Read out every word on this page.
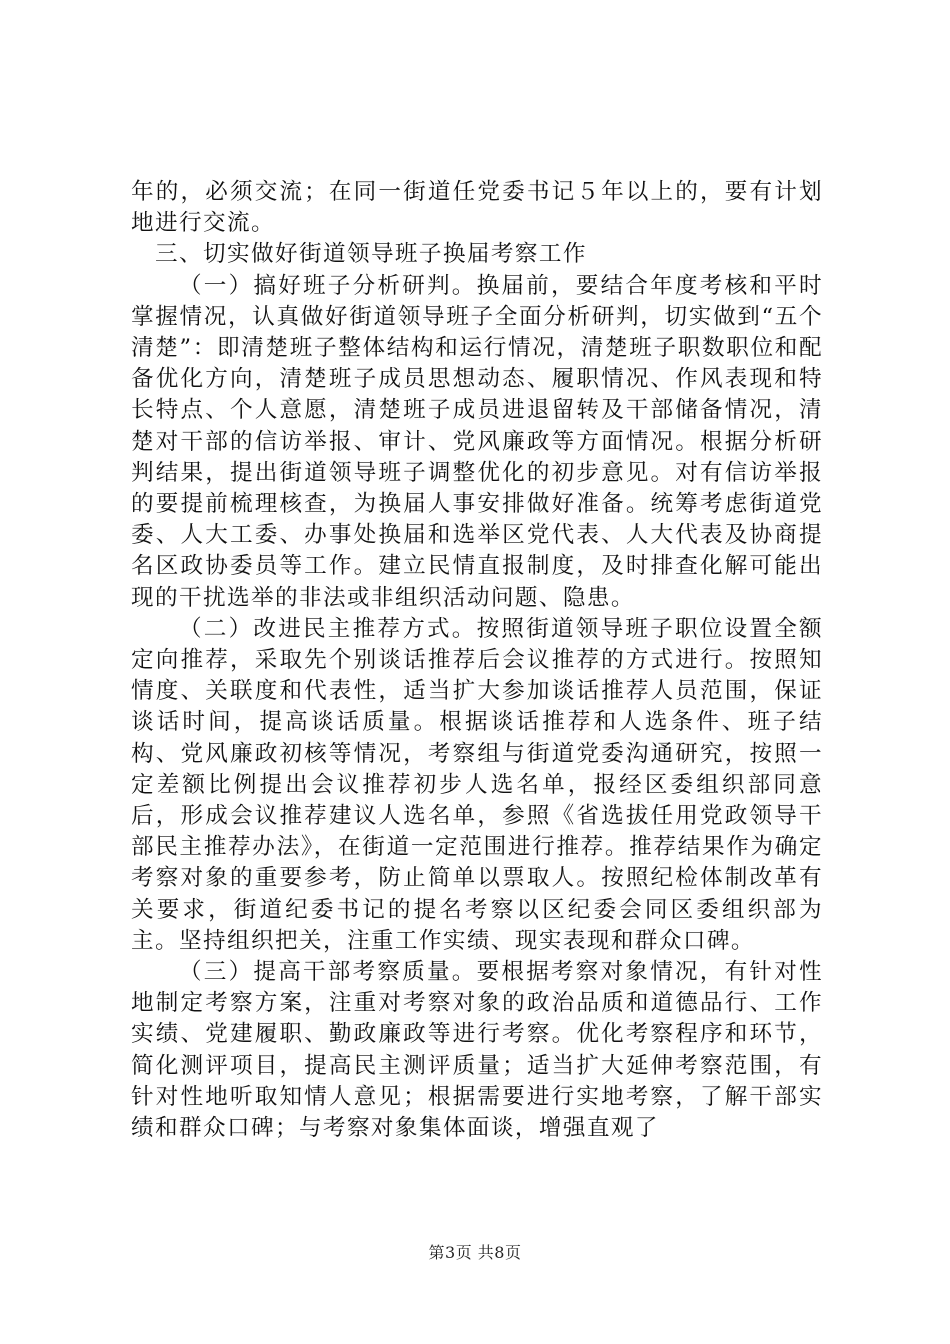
年的，必须交流；在同一街道任党委书记５年以上的，要有计划地进行交流。

三、切实做好街道领导班子换届考察工作

（一）搞好班子分析研判。换届前，要结合年度考核和平时掌握情况，认真做好街道领导班子全面分析研判，切实做到“五个清楚”：即清楚班子整体结构和运行情况，清楚班子职数职位和配备优化方向，清楚班子成员思想动态、履职情况、作风表现和特长特点、个人意愿，清楚班子成员进退留转及干部储备情况，清楚对干部的信访举报、审计、党风廉政等方面情况。根据分析研判结果，提出街道领导班子调整优化的初步意见。对有信访举报的要提前梳理核查，为换届人事安排做好准备。统筹考虑街道党委、人大工委、办事处换届和选举区党代表、人大代表及协商提名区政协委员等工作。建立民情直报制度，及时排查化解可能出现的干扰选举的非法或非组织活动问题、隐患。

（二）改进民主推荐方式。按照街道领导班子职位设置全额定向推荐，采取先个别谈话推荐后会议推荐的方式进行。按照知情度、关联度和代表性，适当扩大参加谈话推荐人员范围，保证谈话时间，提高谈话质量。根据谈话推荐和人选条件、班子结构、党风廉政初核等情况，考察组与街道党委沟通研究，按照一定差额比例提出会议推荐初步人选名单，报经区委组织部同意后，形成会议推荐建议人选名单，参照《省选拔任用党政领导干部民主推荐办法》，在街道一定范围进行推荐。推荐结果作为确定考察对象的重要参考，防止简单以票取人。按照纪检体制改革有关要求，街道纪委书记的提名考察以区纪委会同区委组织部为主。坚持组织把关，注重工作实绩、现实表现和群众口碑。

（三）提高干部考察质量。要根据考察对象情况，有针对性地制定考察方案，注重对考察对象的政治品质和道德品行、工作实绩、党建履职、勤政廉政等进行考察。优化考察程序和环节，简化测评项目，提高民主测评质量；适当扩大延伸考察范围，有针对性地听取知情人意见；根据需要进行实地考察，了解干部实绩和群众口碑；与考察对象集体面谈，增强直观了

第3页 共8页
